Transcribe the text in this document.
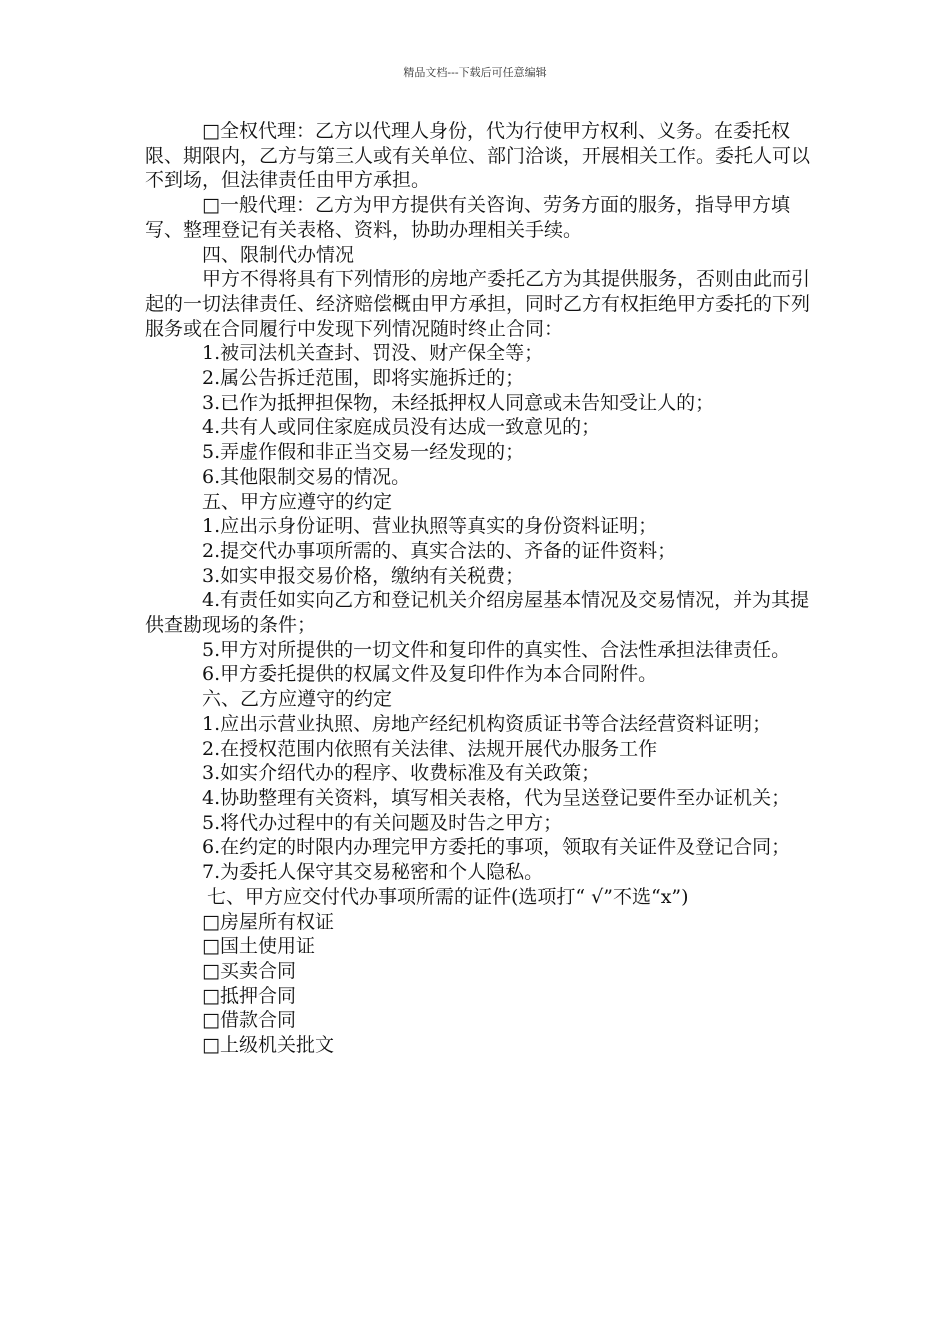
精品文档---下载后可任意编辑

□全权代理：乙方以代理人身份，代为行使甲方权利、义务。在委托权限、期限内，乙方与第三人或有关单位、部门洽谈，开展相关工作。委托人可以不到场，但法律责任由甲方承担。

□一般代理：乙方为甲方提供有关咨询、劳务方面的服务，指导甲方填写、整理登记有关表格、资料，协助办理相关手续。

四、限制代办情况

甲方不得将具有下列情形的房地产委托乙方为其提供服务，否则由此而引起的一切法律责任、经济赔偿概由甲方承担，同时乙方有权拒绝甲方委托的下列服务或在合同履行中发现下列情况随时终止合同：

1.被司法机关查封、罚没、财产保全等；

2.属公告拆迁范围，即将实施拆迁的；

3.已作为抵押担保物，未经抵押权人同意或未告知受让人的；

4.共有人或同住家庭成员没有达成一致意见的；

5.弄虚作假和非正当交易一经发现的；

6.其他限制交易的情况。

五、甲方应遵守的约定

1.应出示身份证明、营业执照等真实的身份资料证明；

2.提交代办事项所需的、真实合法的、齐备的证件资料；

3.如实申报交易价格，缴纳有关税费；

4.有责任如实向乙方和登记机关介绍房屋基本情况及交易情况，并为其提供查勘现场的条件；

5.甲方对所提供的一切文件和复印件的真实性、合法性承担法律责任。

6.甲方委托提供的权属文件及复印件作为本合同附件。

六、乙方应遵守的约定

1.应出示营业执照、房地产经纪机构资质证书等合法经营资料证明；

2.在授权范围内依照有关法律、法规开展代办服务工作

3.如实介绍代办的程序、收费标准及有关政策；

4.协助整理有关资料，填写相关表格，代为呈送登记要件至办证机关；

5.将代办过程中的有关问题及时告之甲方；

6.在约定的时限内办理完甲方委托的事项，领取有关证件及登记合同；

7.为委托人保守其交易秘密和个人隐私。

七、甲方应交付代办事项所需的证件(选项打“ √”不选“x”)

□房屋所有权证

□国土使用证

□买卖合同

□抵押合同

□借款合同

□上级机关批文
